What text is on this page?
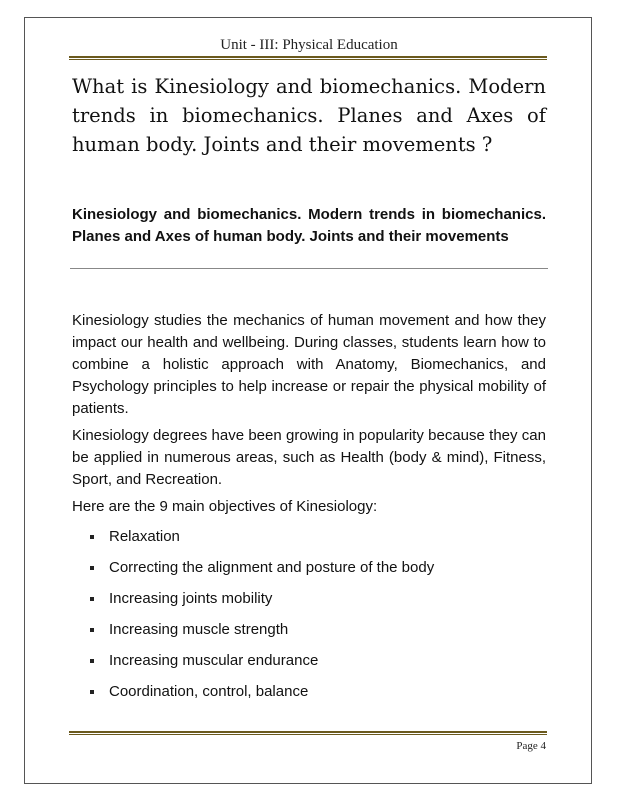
Unit - III: Physical Education
What is Kinesiology and biomechanics. Modern trends in biomechanics. Planes and Axes of human body. Joints and their movements ?
Kinesiology and biomechanics. Modern trends in biomechanics. Planes and Axes of human body. Joints and their movements
Kinesiology studies the mechanics of human movement and how they impact our health and wellbeing. During classes, students learn how to combine a holistic approach with Anatomy, Biomechanics, and Psychology principles to help increase or repair the physical mobility of patients.
Kinesiology degrees have been growing in popularity because they can be applied in numerous areas, such as Health (body & mind), Fitness, Sport, and Recreation.
Here are the 9 main objectives of Kinesiology:
Relaxation
Correcting the alignment and posture of the body
Increasing joints mobility
Increasing muscle strength
Increasing muscular endurance
Coordination, control, balance
Page 4
